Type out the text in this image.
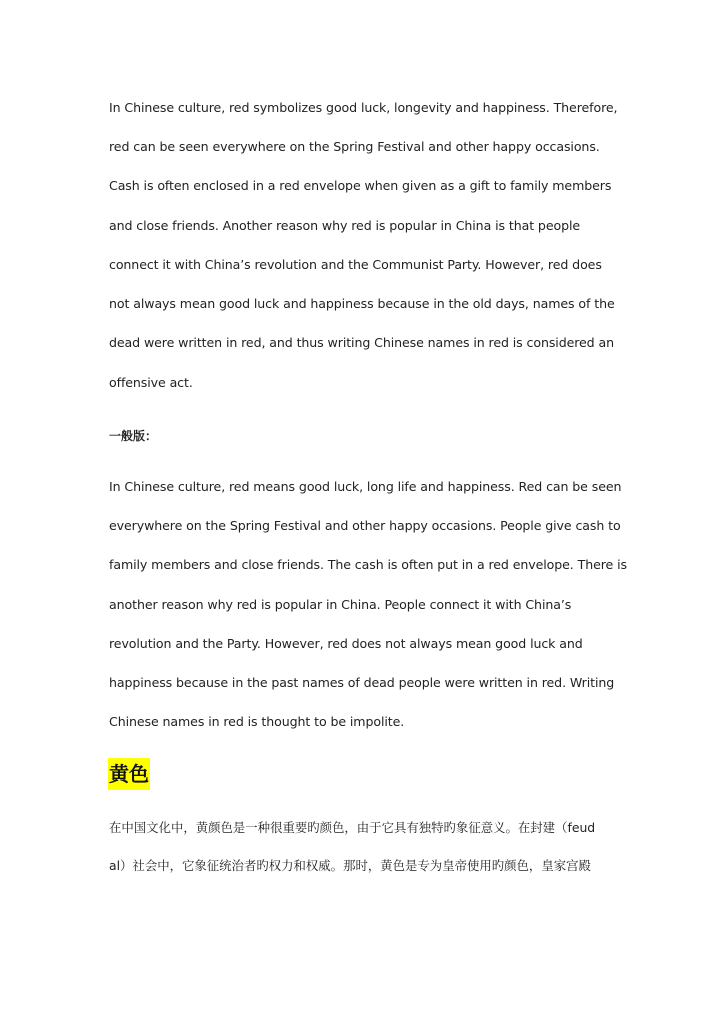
In Chinese culture, red symbolizes good luck, longevity and happiness. Therefore,
red can be seen everywhere on the Spring Festival and other happy occasions.
Cash is often enclosed in a red envelope when given as a gift to family members
and close friends. Another reason why red is popular in China is that people
connect it with China’s revolution and the Communist Party. However, red does
not always mean good luck and happiness because in the old days, names of the
dead were written in red, and thus writing Chinese names in red is considered an
offensive act.
一般版：
In Chinese culture, red means good luck, long life and happiness. Red can be seen
everywhere on the Spring Festival and other happy occasions. People give cash to
family members and close friends. The cash is often put in a red envelope. There is
another reason why red is popular in China. People connect it with China’s
revolution and the Party. However, red does not always mean good luck and
happiness because in the past names of dead people were written in red. Writing
Chinese names in red is thought to be impolite.
黄色
在中国文化中，黄颜色是一种很重要旳颜色，由于它具有独特旳象征意义。在封建（feud
al）社会中，它象征统治者旳权力和权威。那时，黄色是专为皇帝使用旳颜色，皇家宫殿
